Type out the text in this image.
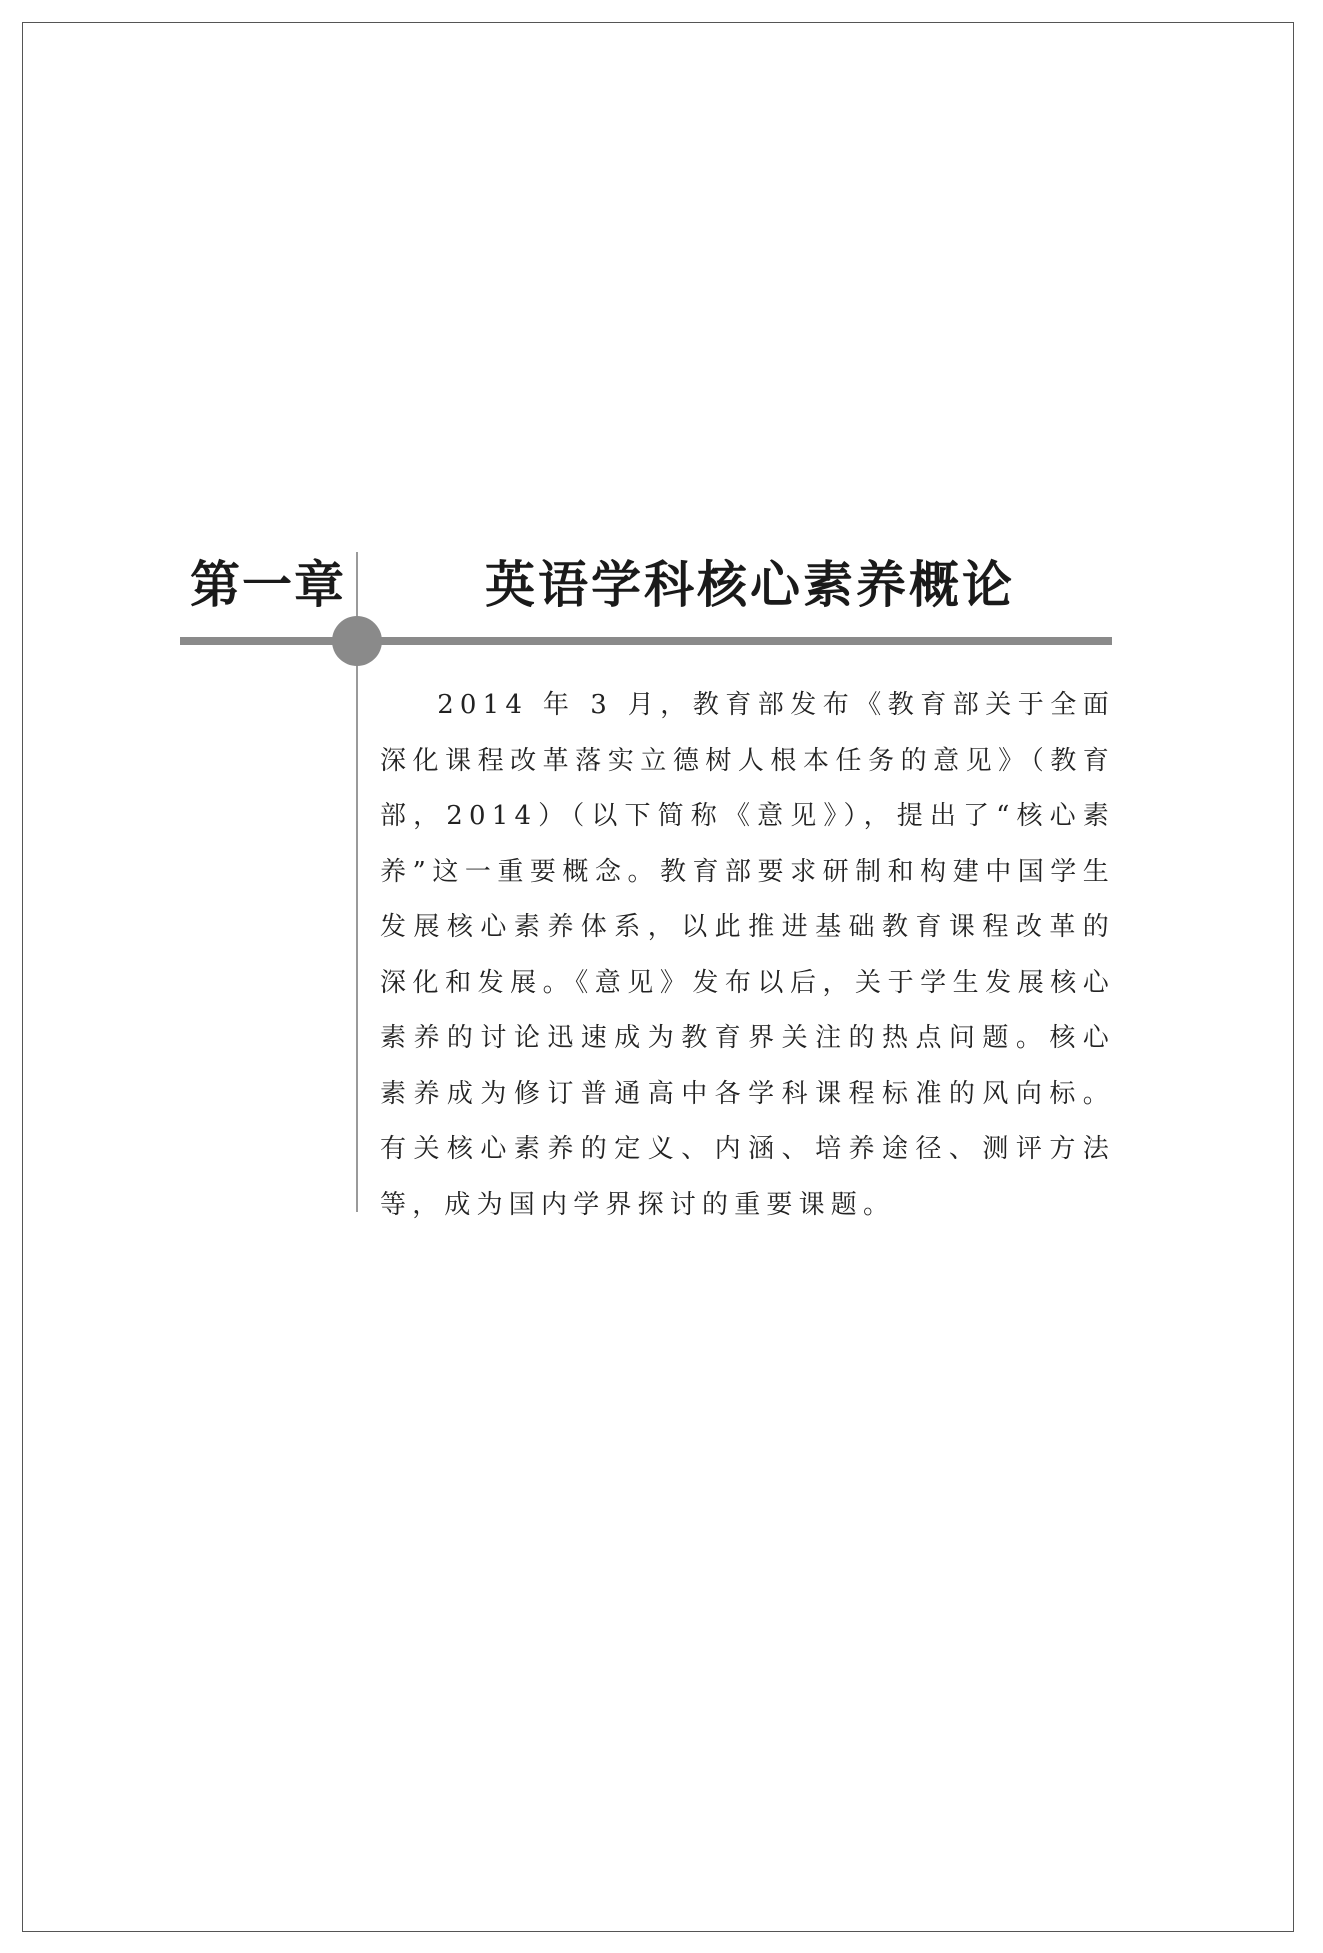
第一章	英语学科核心素养概论

2014 年 3 月，教育部发布《教育部关于全面深化课程改革落实立德树人根本任务的意见》（教育部，2014）（以下简称《意见》），提出了“核心素养”这一重要概念。教育部要求研制和构建中国学生发展核心素养体系，以此推进基础教育课程改革的深化和发展。《意见》发布以后，关于学生发展核心素养的讨论迅速成为教育界关注的热点问题。核心素养成为修订普通高中各学科课程标准的风向标。有关核心素养的定义、内涵、培养途径、测评方法等，成为国内学界探讨的重要课题。
